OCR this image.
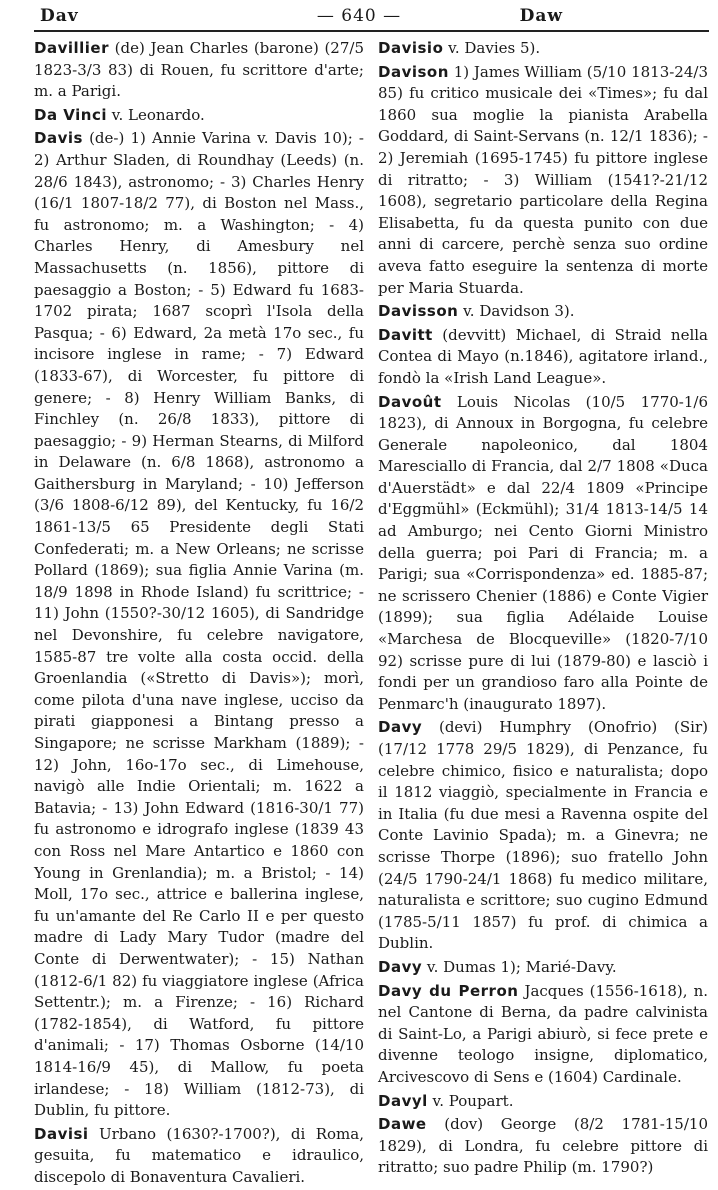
Dav	— 640 —	Daw

Davillier (de) Jean Charles (barone) (27/5 1823-3/3 83) di Rouen, fu scrittore d'arte; m. a Parigi.

Da Vinci v. Leonardo.

Davis (de-) 1) Annie Varina v. Davis 10); - 2) Arthur Sladen, di Roundhay (Leeds) (n. 28/6 1843), astronomo; - 3) Charles Henry (16/1 1807-18/2 77), di Boston nel Mass., fu astronomo; m. a Washington; - 4) Charles Henry, di Amesbury nel Massachusetts (n. 1856), pittore di paesaggio a Boston; - 5) Edward fu 1683-1702 pirata; 1687 scoprì l'Isola della Pasqua; - 6) Edward, 2a metà 17o sec., fu incisore inglese in rame; - 7) Edward (1833-67), di Worcester, fu pittore di genere; - 8) Henry William Banks, di Finchley (n. 26/8 1833), pittore di paesaggio; - 9) Herman Stearns, di Milford in Delaware (n. 6/8 1868), astronomo a Gaithersburg in Maryland; - 10) Jefferson (3/6 1808-6/12 89), del Kentucky, fu 16/2 1861-13/5 65 Presidente degli Stati Confederati; m. a New Orleans; ne scrisse Pollard (1869); sua figlia Annie Varina (m. 18/9 1898 in Rhode Island) fu scrittrice; - 11) John (1550?-30/12 1605), di Sandridge nel Devonshire, fu celebre navigatore, 1585-87 tre volte alla costa occid. della Groenlandia («Stretto di Davis»); morì, come pilota d'una nave inglese, ucciso da pirati giapponesi a Bintang presso a Singapore; ne scrisse Markham (1889); - 12) John, 16o-17o sec., di Limehouse, navigò alle Indie Orientali; m. 1622 a Batavia; - 13) John Edward (1816-30/1 77) fu astronomo e idrografo inglese (1839 43 con Ross nel Mare Antartico e 1860 con Young in Grenlandia); m. a Bristol; - 14) Moll, 17o sec., attrice e ballerina inglese, fu un'amante del Re Carlo II e per questo madre di Lady Mary Tudor (madre del Conte di Derwentwater); - 15) Nathan (1812-6/1 82) fu viaggiatore inglese (Africa Settentr.); m. a Firenze; - 16) Richard (1782-1854), di Watford, fu pittore d'animali; - 17) Thomas Osborne (14/10 1814-16/9 45), di Mallow, fu poeta irlandese; - 18) William (1812-73), di Dublin, fu pittore.

Davisi Urbano (1630?-1700?), di Roma, gesuita, fu matematico e idraulico, discepolo di Bonaventura Cavalieri.

Davisio v. Davies 5).

Davison 1) James William (5/10 1813-24/3 85) fu critico musicale dei «Times»; fu dal 1860 sua moglie la pianista Arabella Goddard, di Saint-Servans (n. 12/1 1836); - 2) Jeremiah (1695-1745) fu pittore inglese di ritratto; - 3) William (1541?-21/12 1608), segretario particolare della Regina Elisabetta, fu da questa punito con due anni di carcere, perchè senza suo ordine aveva fatto eseguire la sentenza di morte per Maria Stuarda.

Davisson v. Davidson 3).

Davitt (devvitt) Michael, di Straid nella Contea di Mayo (n.1846), agitatore irland., fondò la «Irish Land League».

Davoût Louis Nicolas (10/5 1770-1/6 1823), di Annoux in Borgogna, fu celebre Generale napoleonico, dal 1804 Maresciallo di Francia, dal 2/7 1808 «Duca d'Auerstädt» e dal 22/4 1809 «Principe d'Eggmühl» (Eckmühl); 31/4 1813-14/5 14 ad Amburgo; nei Cento Giorni Ministro della guerra; poi Pari di Francia; m. a Parigi; sua «Corrispondenza» ed. 1885-87; ne scrissero Chenier (1886) e Conte Vigier (1899); sua figlia Adélaide Louise «Marchesa de Blocqueville» (1820-7/10 92) scrisse pure di lui (1879-80) e lasciò i fondi per un grandioso faro alla Pointe de Penmarc'h (inaugurato 1897).

Davy (devi) Humphry (Onofrio) (Sir) (17/12 1778 29/5 1829), di Penzance, fu celebre chimico, fisico e naturalista; dopo il 1812 viaggiò, specialmente in Francia e in Italia (fu due mesi a Ravenna ospite del Conte Lavinio Spada); m. a Ginevra; ne scrisse Thorpe (1896); suo fratello John (24/5 1790-24/1 1868) fu medico militare, naturalista e scrittore; suo cugino Edmund (1785-5/11 1857) fu prof. di chimica a Dublin.

Davy v. Dumas 1); Marié-Davy.

Davy du Perron Jacques (1556-1618), n. nel Cantone di Berna, da padre calvinista di Saint-Lo, a Parigi abiurò, si fece prete e divenne teologo insigne, diplomatico, Arcivescovo di Sens e (1604) Cardinale.

Davyl v. Poupart.

Dawe (dov) George (8/2 1781-15/10 1829), di Londra, fu celebre pittore di ritratto; suo padre Philip (m. 1790?)
